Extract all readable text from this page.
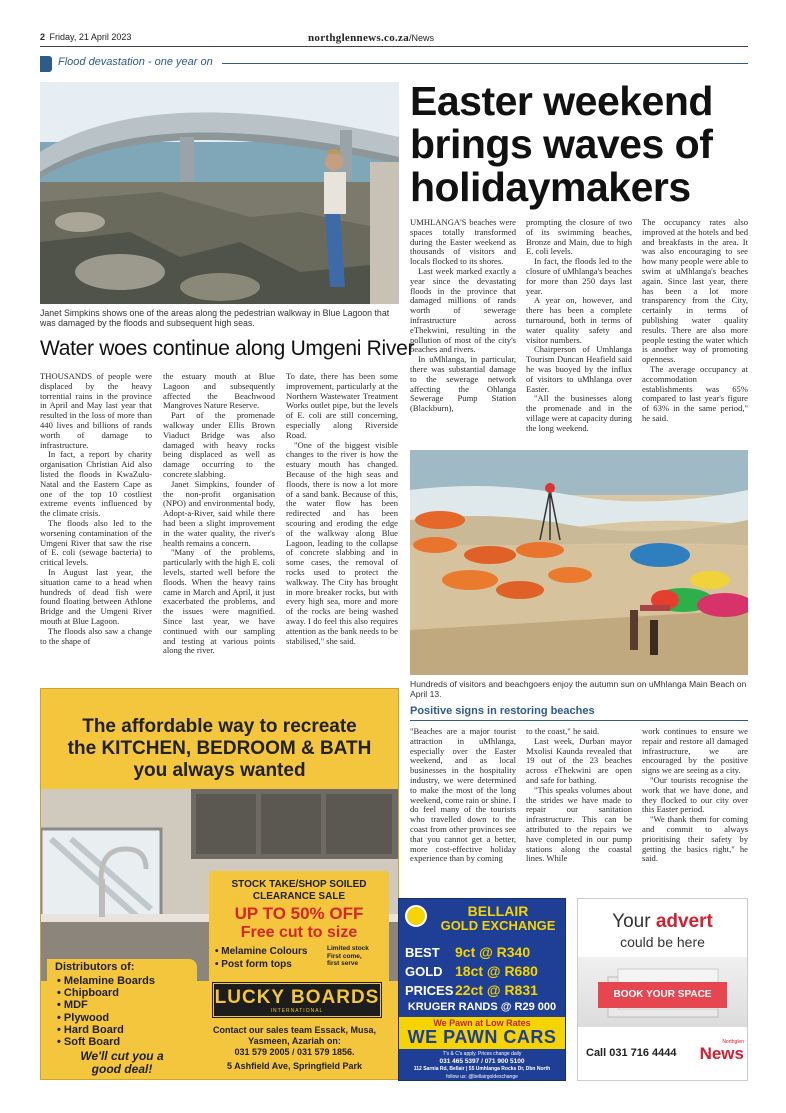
2 Friday, 21 April 2023	northglennews.co.za/News
Flood devastation - one year on
Janet Simpkins shows one of the areas along the pedestrian walkway in Blue Lagoon that was damaged by the floods and subsequent high seas.
Water woes continue along Umgeni River

THOUSANDS of people were displaced by the heavy torrential rains in the province in April and May last year that resulted in the loss of more than 440 lives and billions of rands worth of damage to infrastructure.

In fact, a report by charity organisation Christian Aid also listed the floods in KwaZulu-Natal and the Eastern Cape as one of the top 10 costliest extreme events influenced by the climate crisis.

The floods also led to the worsening contamination of the Umgeni River that saw the rise of E. coli (sewage bacteria) to critical levels.

In August last year, the situation came to a head when hundreds of dead fish were found floating between Athlone Bridge and the Umgeni River mouth at Blue Lagoon.

The floods also saw a change to the shape of

the estuary mouth at Blue Lagoon and subsequently affected the Beachwood Mangroves Nature Reserve.

Part of the promenade walkway under Ellis Brown Viaduct Bridge was also damaged with heavy rocks being displaced as well as damage occurring to the concrete slabbing.

Janet Simpkins, founder of the non-profit organisation (NPO) and environmental body, Adopt-a-River, said while there had been a slight improvement in the water quality, the river's health remains a concern.

"Many of the problems, particularly with the high E. coli levels, started well before the floods. When the heavy rains came in March and April, it just exacerbated the problems, and the issues were magnified. Since last year, we have continued with our sampling and testing at various points along the river.

To date, there has been some improvement, particularly at the Northern Wastewater Treatment Works outlet pipe, but the levels of E. coli are still concerning, especially along Riverside Road.

"One of the biggest visible changes to the river is how the estuary mouth has changed. Because of the high seas and floods, there is now a lot more of a sand bank. Because of this, the water flow has been redirected and has been scouring and eroding the edge of the walkway along Blue Lagoon, leading to the collapse of concrete slabbing and in some cases, the removal of rocks used to protect the walkway. The City has brought in more breaker rocks, but with every high sea, more and more of the rocks are being washed away. I do feel this also requires attention as the bank needs to be stabilised," she said.

Easter weekend brings waves of holidaymakers

UMHLANGA'S beaches were spaces totally transformed during the Easter weekend as thousands of visitors and locals flocked to its shores.

Last week marked exactly a year since the devastating floods in the province that damaged millions of rands worth of sewerage infrastructure across eThekwini, resulting in the pollution of most of the city's beaches and rivers.

In uMhlanga, in particular, there was substantial damage to the sewerage network affecting the Ohlanga Sewerage Pump Station (Blackburn),

prompting the closure of two of its swimming beaches, Bronze and Main, due to high E. coli levels.

In fact, the floods led to the closure of uMhlanga's beaches for more than 250 days last year.

A year on, however, and there has been a complete turnaround, both in terms of water quality safety and visitor numbers.

Chairperson of Umhlanga Tourism Duncan Heafield said he was buoyed by the influx of visitors to uMhlanga over Easter.

"All the businesses along the promenade and in the village were at capacity during the long weekend.

The occupancy rates also improved at the hotels and bed and breakfasts in the area. It was also encouraging to see how many people were able to swim at uMhlanga's beaches again. Since last year, there has been a lot more transparency from the City, certainly in terms of publishing water quality results. There are also more people testing the water which is another way of promoting openness.

The average occupancy at accommodation establishments was 65% compared to last year's figure of 63% in the same period," he said.

Hundreds of visitors and beachgoers enjoy the autumn sun on uMhlanga Main Beach on April 13.
Positive signs in restoring beaches

"Beaches are a major tourist attraction in uMhlanga, especially over the Easter weekend, and as local businesses in the hospitality industry, we were determined to make the most of the long weekend, come rain or shine. I do feel many of the tourists who travelled down to the coast from other provinces see that you cannot get a better, more cost-effective holiday experience than by coming

to the coast," he said.

Last week, Durban mayor Mxolisi Kaunda revealed that 19 out of the 23 beaches across eThekwini are open and safe for bathing.

"This speaks volumes about the strides we have made to repair our sanitation infrastructure. This can be attributed to the repairs we have completed in our pump stations along the coastal lines. While

work continues to ensure we repair and restore all damaged infrastructure, we are encouraged by the positive signs we are seeing as a city.

"Our tourists recognise the work that we have done, and they flocked to our city over this Easter period.

"We thank them for coming and commit to always prioritising their safety by getting the basics right," he said.

The affordable way to recreate
the KITCHEN, BEDROOM & BATH
you always wanted
STOCK TAKE/SHOP SOILED
CLEARANCE SALE
UP TO 50% OFF
Free cut to size
• Melamine Colours
• Post form tops
Limited stock
First come,
first serve
Distributors of:
• Melamine Boards
• Chipboard
• MDF
• Plywood
• Hard Board
• Soft Board
We'll cut you a
good deal!
LUCKY BOARDS
INTERNATIONAL
Contact our sales team Essack, Musa,
Yasmeen, Azariah on:
031 579 2005 / 031 579 1856.
5 Ashfield Ave, Springfield Park
BELLAIR
GOLD EXCHANGE
BEST 9ct @ R340
GOLD 18ct @ R680
PRICES 22ct @ R831
KRUGER RANDS @ R29 000
We Pawn at Low Rates
WE PAWN CARS
T's & C's apply. Prices change daily
031 465 5397 / 071 900 5100
112 Sarnia Rd, Bellair | 55 Umhlanga Rocks Dr, Dbn North
follow us: @bellairgoldexchange
Your advert
could be here
BOOK YOUR SPACE
Call 031 716 4444
Northglen
News
